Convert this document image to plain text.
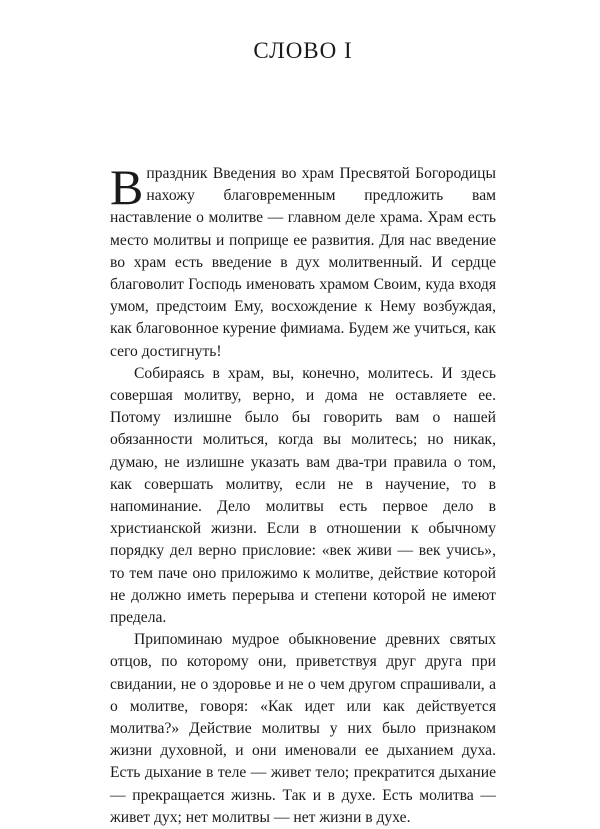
СЛОВО I

В праздник Введения во храм Пресвятой Богородицы нахожу благовременным предложить вам наставление о молитве — главном деле храма. Храм есть место молитвы и поприще ее развития. Для нас введение во храм есть введение в дух молитвенный. И сердце благоволит Господь именовать храмом Своим, куда входя умом, предстоим Ему, восхождение к Нему возбуждая, как благовонное курение фимиама. Будем же учиться, как сего достигнуть!

Собираясь в храм, вы, конечно, молитесь. И здесь совершая молитву, верно, и дома не оставляете ее. Потому излишне было бы говорить вам о нашей обязанности молиться, когда вы молитесь; но никак, думаю, не излишне указать вам два-три правила о том, как совершать молитву, если не в научение, то в напоминание. Дело молитвы есть первое дело в христианской жизни. Если в отношении к обычному порядку дел верно присловие: «век живи — век учись», то тем паче оно приложимо к молитве, действие которой не должно иметь перерыва и степени которой не имеют предела.

Припоминаю мудрое обыкновение древних святых отцов, по которому они, приветствуя друг друга при свидании, не о здоровье и не о чем другом спрашивали, а о молитве, говоря: «Как идет или как действуется молитва?» Действие молитвы у них было признаком жизни духовной, и они именовали ее дыханием духа. Есть дыхание в теле — живет тело; прекратится дыхание — прекращается жизнь. Так и в духе. Есть молитва — живет дух; нет молитвы — нет жизни в духе.
